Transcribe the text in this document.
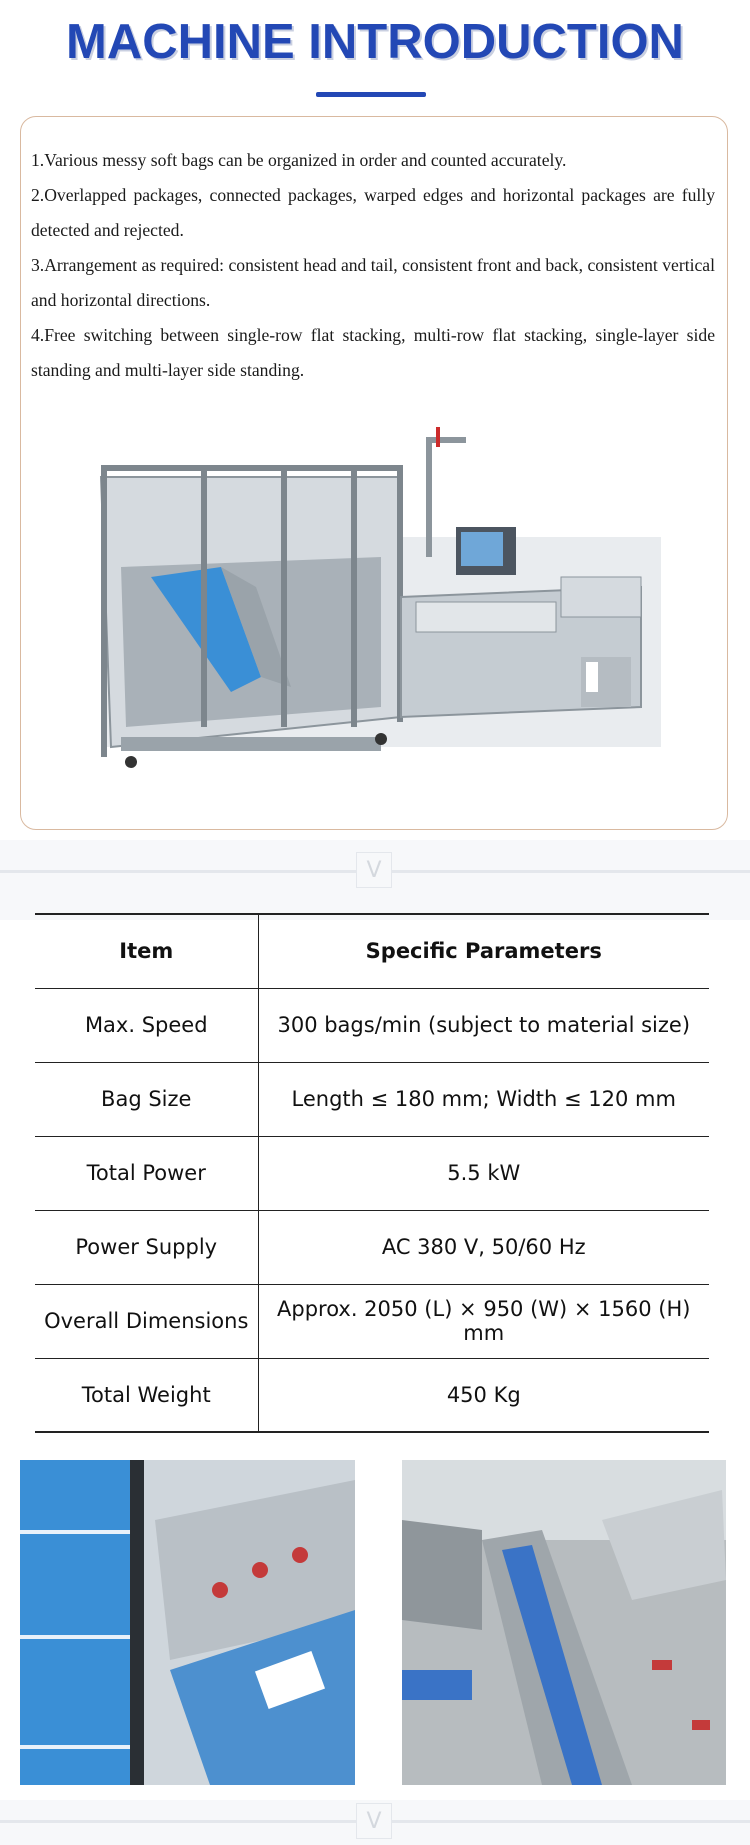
MACHINE INTRODUCTION

1.Various messy soft bags can be organized in order and counted accurately.

2.Overlapped packages, connected packages, warped edges and horizontal packages are fully detected and rejected.

3.Arrangement as required: consistent head and tail, consistent front and back, consistent vertical and horizontal directions.

4.Free switching between single-row flat stacking, multi-row flat stacking, single-layer side standing and multi-layer side standing.

V
Item	Specific Parameters
Max. Speed	300 bags/min (subject to material size)
Bag Size	Length ≤ 180 mm; Width ≤ 120 mm
Total Power	5.5 kW
Power Supply	AC 380 V, 50/60 Hz
Overall Dimensions	Approx. 2050 (L) × 950 (W) × 1560 (H) mm
Total Weight	450 Kg
V
